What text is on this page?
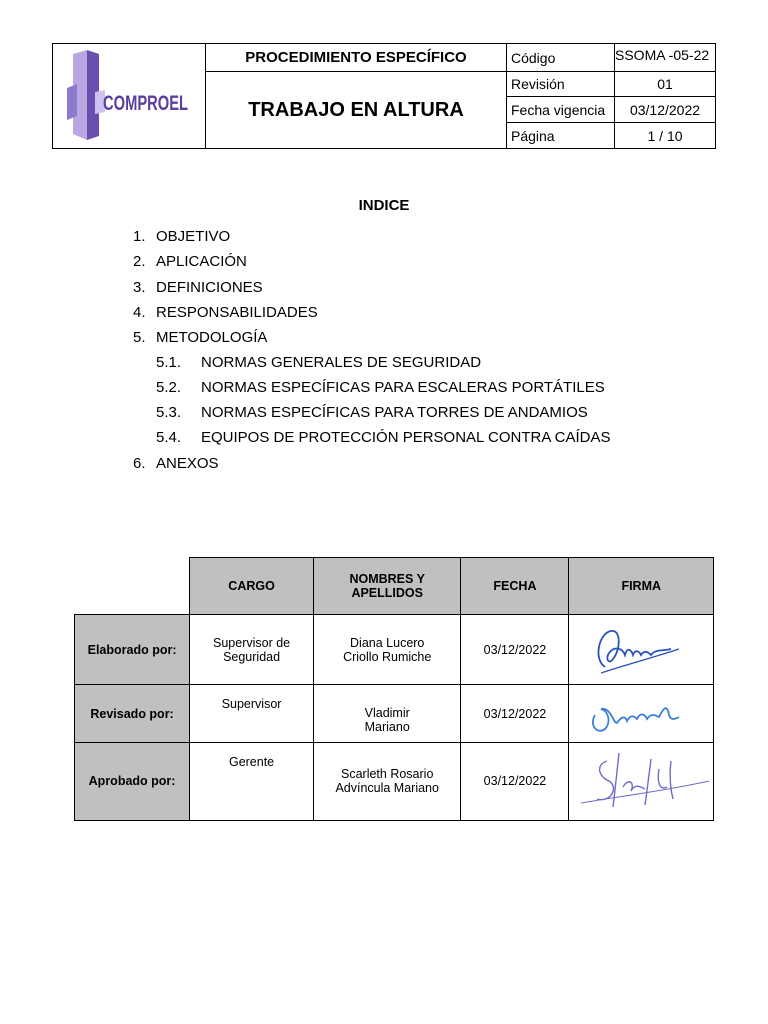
COMPROEL	PROCEDIMIENTO ESPECÍFICO	Código	SSOMA -05-22
	TRABAJO EN ALTURA	Revisión	01
		Fecha vigencia	03/12/2022
		Página	1 / 10
INDICE
1. OBJETIVO
2. APLICACIÓN
3. DEFINICIONES
4. RESPONSABILIDADES
5. METODOLOGÍA
5.1. NORMAS GENERALES DE SEGURIDAD
5.2. NORMAS ESPECÍFICAS PARA ESCALERAS PORTÁTILES
5.3. NORMAS ESPECÍFICAS PARA TORRES DE ANDAMIOS
5.4. EQUIPOS DE PROTECCIÓN PERSONAL CONTRA CAÍDAS
6. ANEXOS
	CARGO	NOMBRES Y APELLIDOS	FECHA	FIRMA
Elaborado por:	Supervisor de Seguridad	Diana Lucero Criollo Rumiche	03/12/2022	

Revisado por:	Supervisor	Vladimir Mariano	03/12/2022	

Aprobado por:	Gerente	Scarleth Rosario Advíncula Mariano	03/12/2022	
